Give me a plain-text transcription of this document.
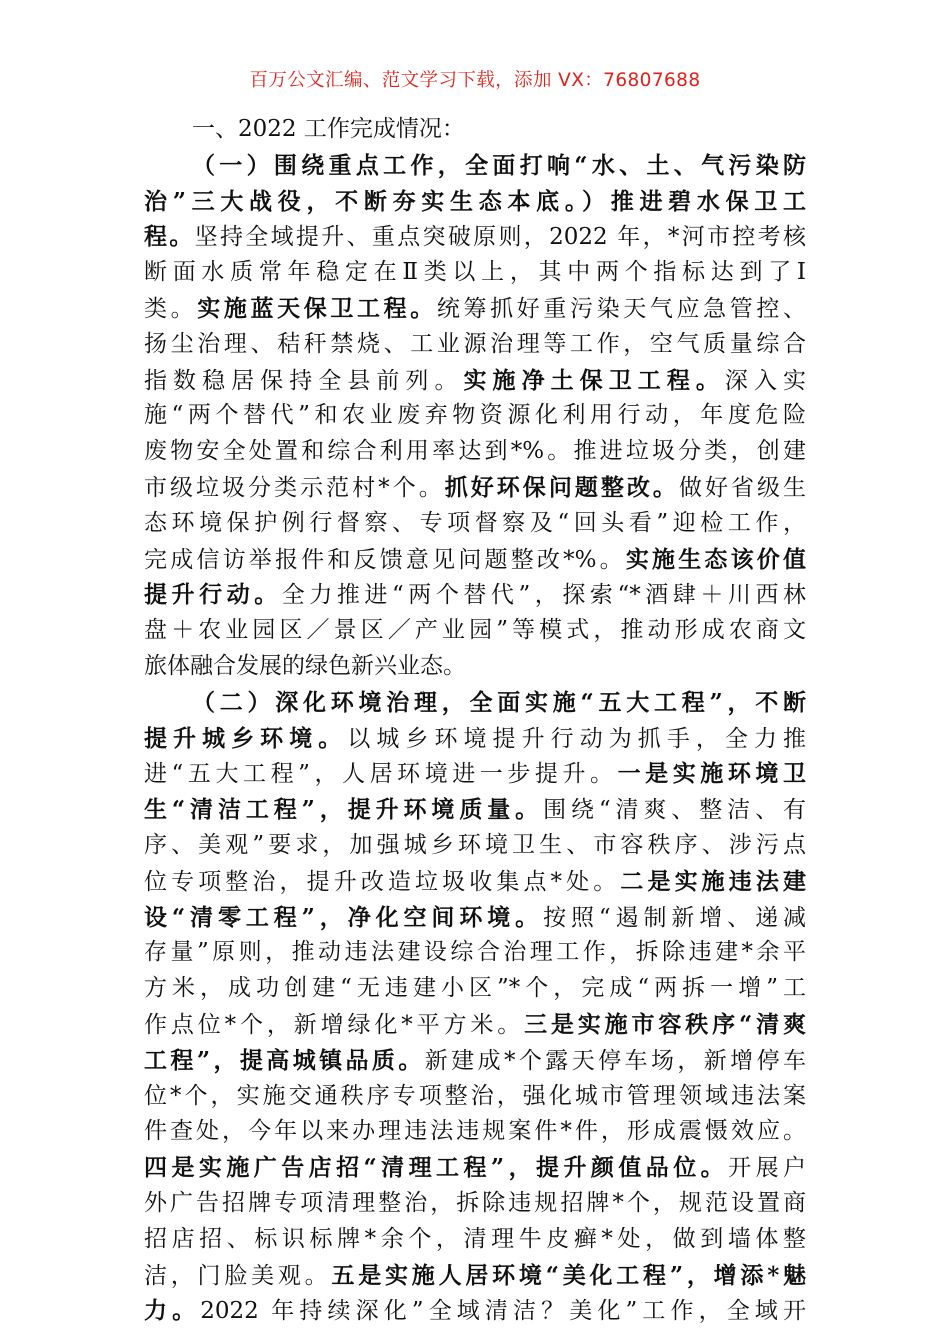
百万公文汇编、范文学习下载，添加 VX：76807688
一、2022 工作完成情况：
（一）围绕重点工作，全面打响“水、土、气污染防
治”三大战役，不断夯实生态本底。）推进碧水保卫工
程。坚持全域提升、重点突破原则，2022 年，*河市控考核
断面水质常年稳定在Ⅱ类以上，其中两个指标达到了Ⅰ
类。实施蓝天保卫工程。统筹抓好重污染天气应急管控、
扬尘治理、秸秆禁烧、工业源治理等工作，空气质量综合
指数稳居保持全县前列。实施净土保卫工程。深入实
施“两个替代”和农业废弃物资源化利用行动，年度危险
废物安全处置和综合利用率达到*%。推进垃圾分类，创建
市级垃圾分类示范村*个。抓好环保问题整改。做好省级生
态环境保护例行督察、专项督察及“回头看”迎检工作，
完成信访举报件和反馈意见问题整改*%。实施生态该价值
提升行动。全力推进“两个替代”，探索“*酒肆＋川西林
盘＋农业园区／景区／产业园”等模式，推动形成农商文
旅体融合发展的绿色新兴业态。
（二）深化环境治理，全面实施“五大工程”，不断
提升城乡环境。以城乡环境提升行动为抓手，全力推
进“五大工程”，人居环境进一步提升。一是实施环境卫
生“清洁工程”，提升环境质量。围绕“清爽、整洁、有
序、美观”要求，加强城乡环境卫生、市容秩序、涉污点
位专项整治，提升改造垃圾收集点*处。二是实施违法建
设“清零工程”，净化空间环境。按照“遏制新增、递减
存量”原则，推动违法建设综合治理工作，拆除违建*余平
方米，成功创建“无违建小区”*个，完成“两拆一增”工
作点位*个，新增绿化*平方米。三是实施市容秩序“清爽
工程”，提高城镇品质。新建成*个露天停车场，新增停车
位*个，实施交通秩序专项整治，强化城市管理领域违法案
件查处，今年以来办理违法违规案件*件，形成震慑效应。
四是实施广告店招“清理工程”，提升颜值品位。开展户
外广告招牌专项清理整治，拆除违规招牌*个，规范设置商
招店招、标识标牌*余个，清理牛皮癣*处，做到墙体整
洁，门脸美观。五是实施人居环境“美化工程”，增添*魅
力。2022 年持续深化”全域清洁？美化”工作，全域开
